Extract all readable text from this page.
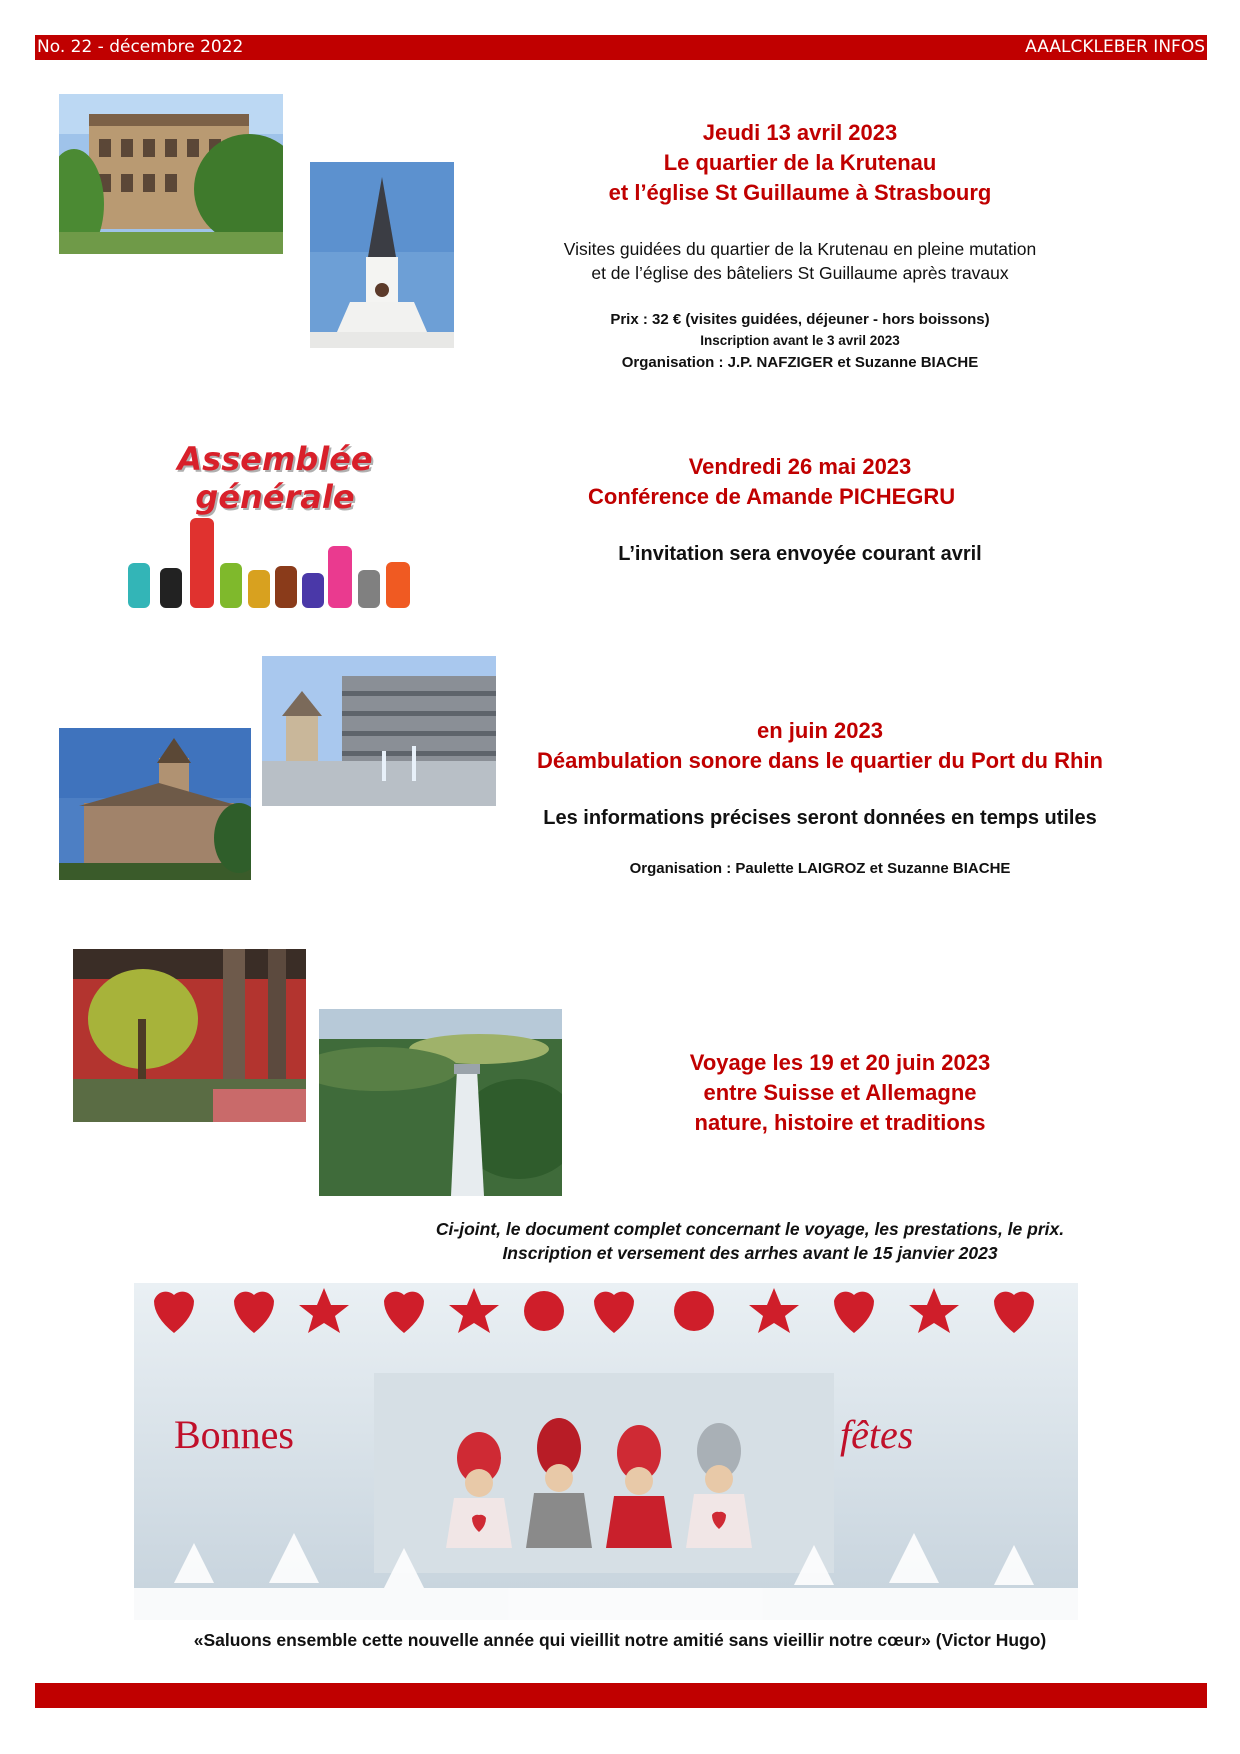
No. 22 - décembre 2022	AAALCKLEBER INFOS
Jeudi 13 avril 2023
Le quartier de la Krutenau
et l’église St Guillaume à Strasbourg
Visites guidées du quartier de la Krutenau en pleine mutation
et de l’église des bâteliers St Guillaume après travaux
Prix : 32 € (visites guidées, déjeuner - hors boissons)
Inscription avant le 3 avril 2023
Organisation : J.P. NAFZIGER et Suzanne BIACHE
Assemblée
générale
Vendredi 26 mai 2023
Conférence de Amande PICHEGRU
L’invitation sera envoyée courant avril
en juin 2023
Déambulation sonore dans le quartier du Port du Rhin
Les informations précises seront données en temps utiles
Organisation : Paulette LAIGROZ et Suzanne BIACHE
Voyage les 19 et 20 juin 2023
entre Suisse et Allemagne
nature, histoire et traditions
Ci-joint, le document complet concernant le voyage, les prestations, le prix.
Inscription et versement des arrhes avant le 15 janvier 2023
Bonnes	fêtes
«Saluons ensemble cette nouvelle année qui vieillit notre amitié sans vieillir notre cœur» (Victor Hugo)
